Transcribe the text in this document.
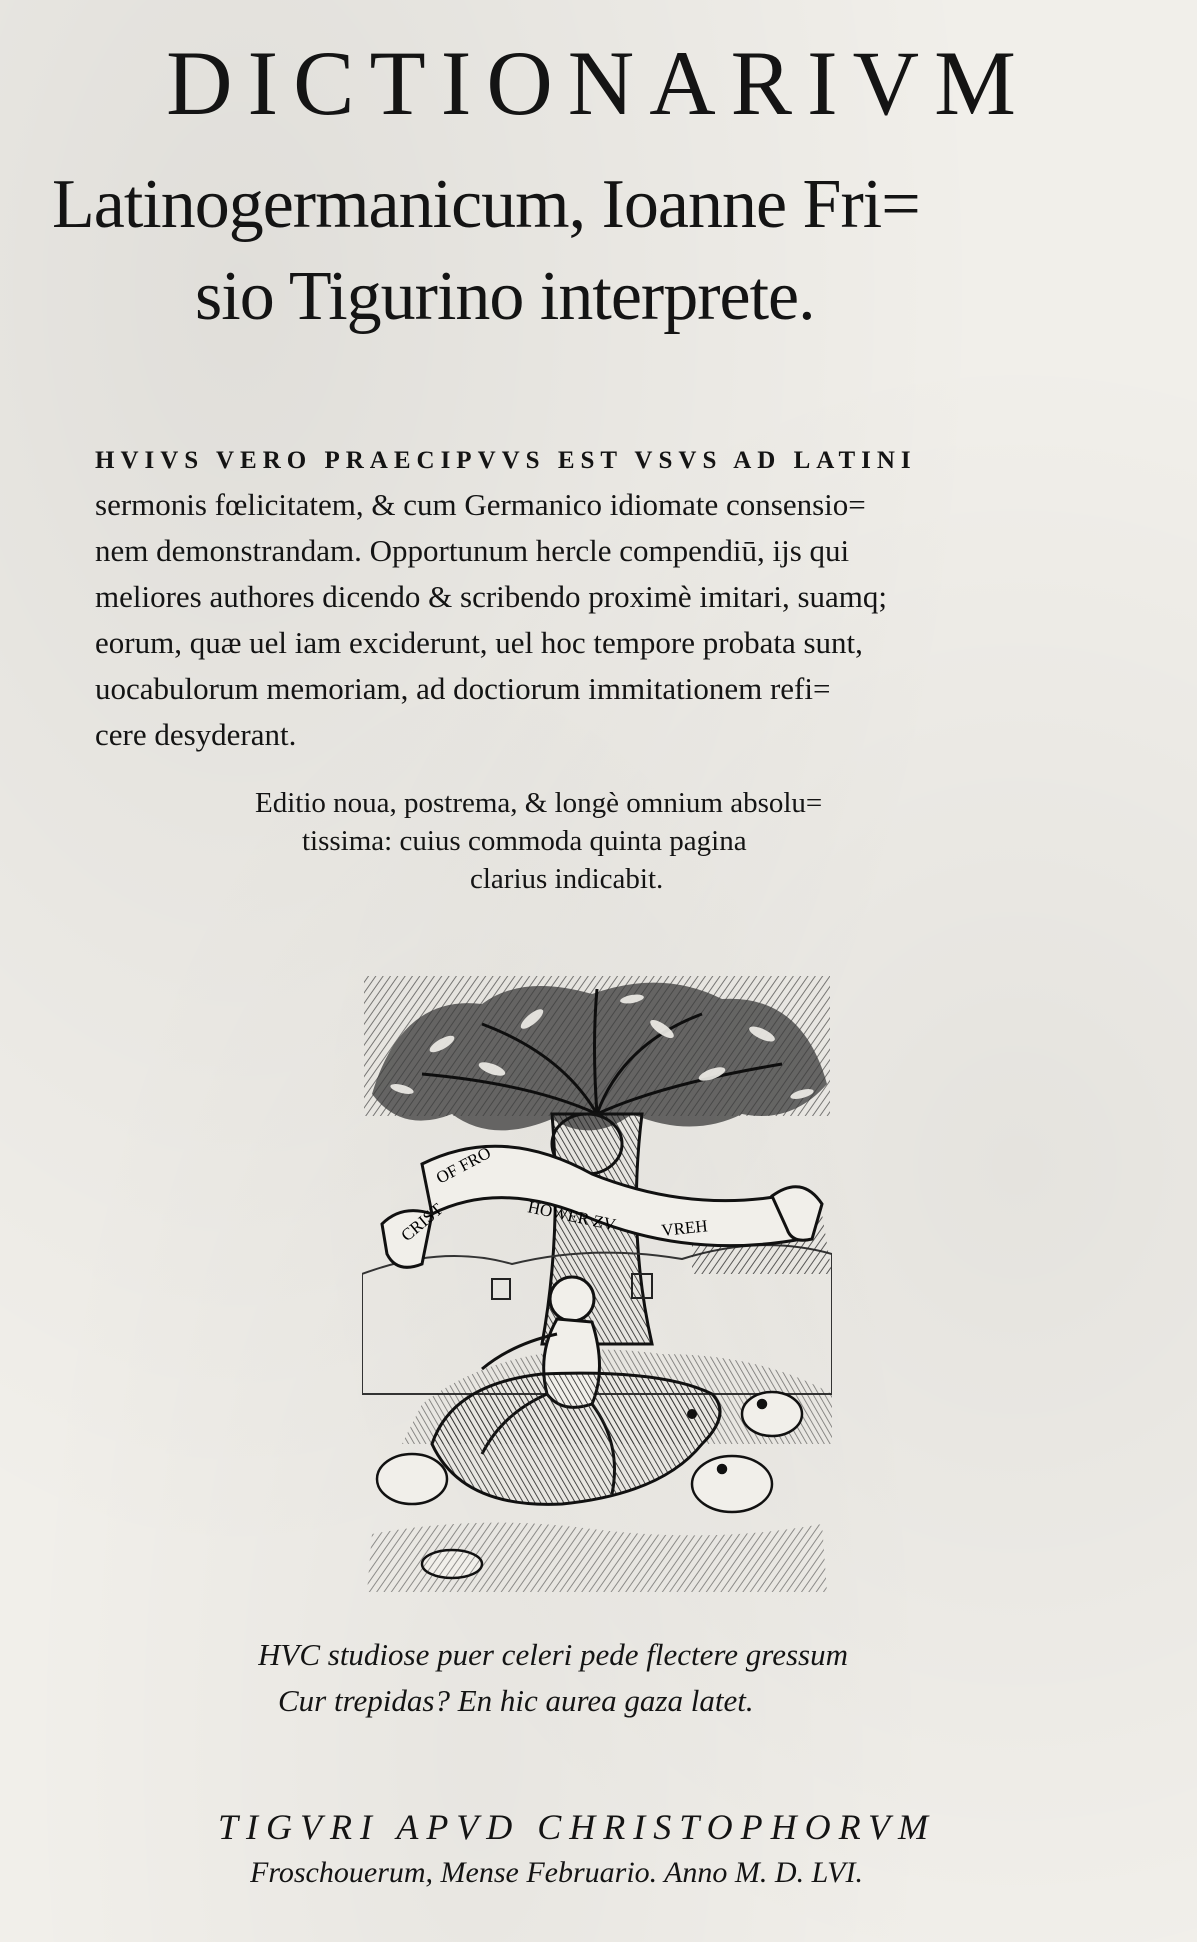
DICTIONARIVM
Latinogermanicum, Ioanne Fri=
sio Tigurino interprete.
HVIVS VERO PRAECIPVVS EST VSVS AD LATINI
sermonis fœlicitatem, & cum Germanico idiomate consensio=
nem demonstrandam. Opportunum hercle compendiū, ijs qui
meliores authores dicendo & scribendo proximè imitari, suamq;
eorum, quæ uel iam exciderunt, uel hoc tempore probata sunt,
uocabulorum memoriam, ad doctiorum immitationem refi=
cere desyderant.
Editio noua, postrema, & longè omnium absolu=
tissima: cuius commoda quinta pagina
clarius indicabit.
CRIST
OF FRO
HOWER ZV	VREH
HVC studiose puer celeri pede flectere gressum
Cur trepidas? En hic aurea gaza latet.
TIGVRI APVD CHRISTOPHORVM
Froschouerum, Mense Februario. Anno M. D. LVI.
